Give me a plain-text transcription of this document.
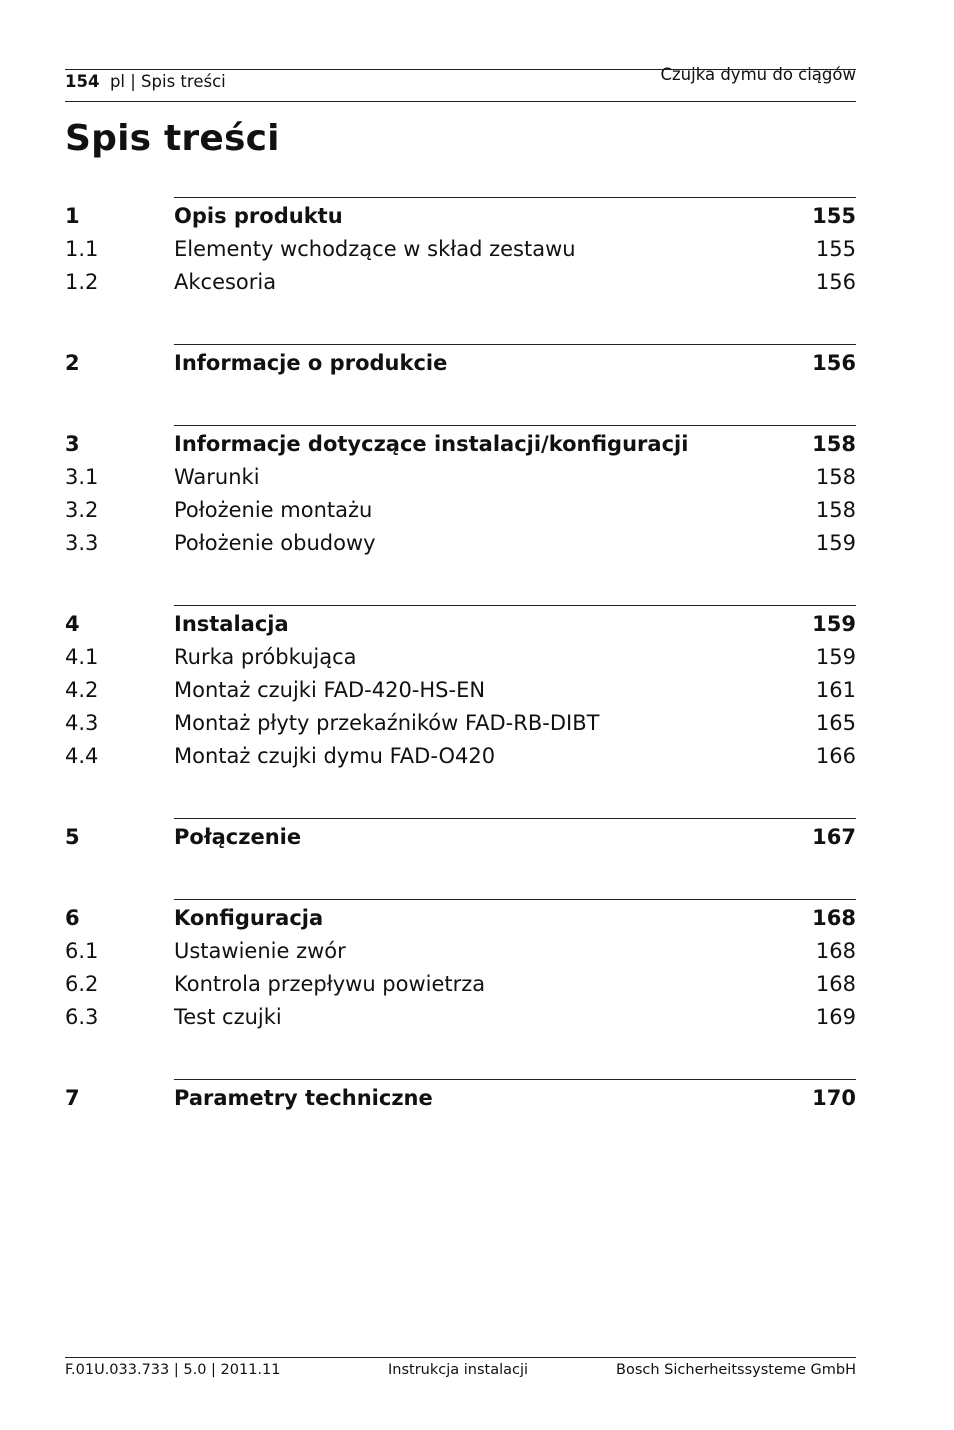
154 pl | Spis treści	Czujka dymu do ciągów
Spis treści
1	Opis produktu	155
1.1	Elementy wchodzące w skład zestawu	155
1.2	Akcesoria	156
2	Informacje o produkcie	156
3	Informacje dotyczące instalacji/konfiguracji	158
3.1	Warunki	158
3.2	Położenie montażu	158
3.3	Położenie obudowy	159
4	Instalacja	159
4.1	Rurka próbkująca	159
4.2	Montaż czujki FAD-420-HS-EN	161
4.3	Montaż płyty przekaźników FAD-RB-DIBT	165
4.4	Montaż czujki dymu FAD-O420	166
5	Połączenie	167
6	Konfiguracja	168
6.1	Ustawienie zwór	168
6.2	Kontrola przepływu powietrza	168
6.3	Test czujki	169
7	Parametry techniczne	170
F.01U.033.733 | 5.0 | 2011.11	Instrukcja instalacji	Bosch Sicherheitssysteme GmbH
